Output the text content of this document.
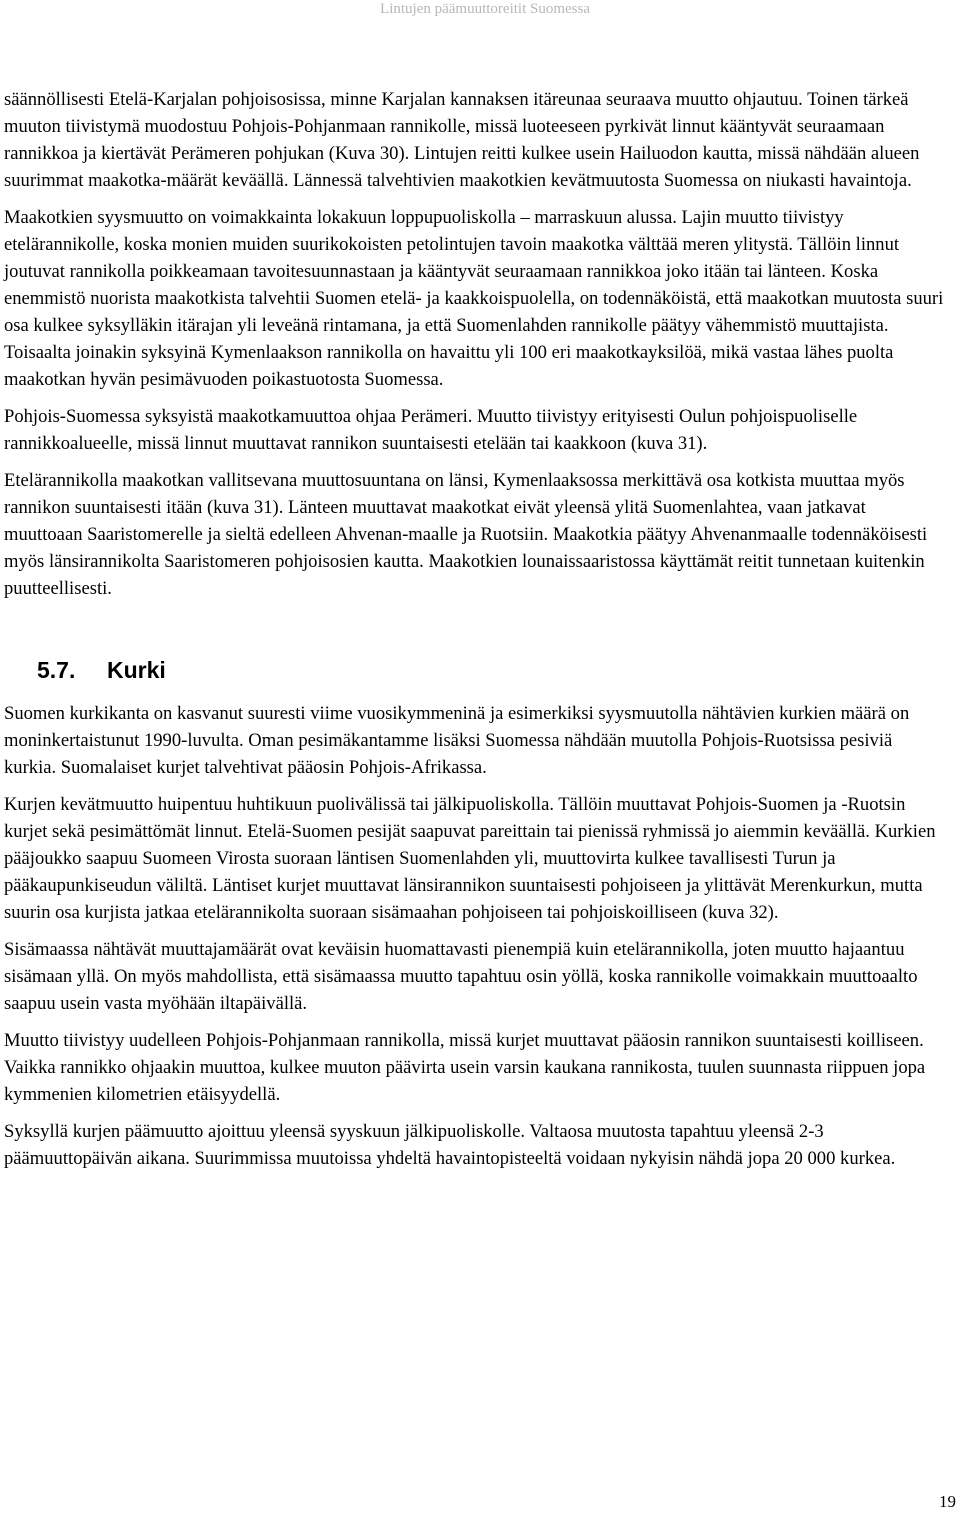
Lintujen päämuuttoreitit Suomessa

säännöllisesti Etelä-Karjalan pohjoisosissa, minne Karjalan kannaksen itäreunaa seuraava muutto ohjautuu. Toinen tärkeä muuton tiivistymä muodostuu Pohjois-Pohjanmaan rannikolle, missä luoteeseen pyrkivät linnut kääntyvät seuraamaan rannikkoa ja kiertävät Perämeren pohjukan (Kuva 30). Lintujen reitti kulkee usein Hailuodon kautta, missä nähdään alueen suurimmat maakotka-määrät keväällä. Lännessä talvehtivien maakotkien kevätmuutosta Suomessa on niukasti havaintoja.

Maakotkien syysmuutto on voimakkainta lokakuun loppupuoliskolla – marraskuun alussa. Lajin muutto tiivistyy etelärannikolle, koska monien muiden suurikokoisten petolintujen tavoin maakotka välttää meren ylitystä. Tällöin linnut joutuvat rannikolla poikkeamaan tavoitesuunnastaan ja kääntyvät seuraamaan rannikkoa joko itään tai länteen. Koska enemmistö nuorista maakotkista talvehtii Suomen etelä- ja kaakkoispuolella, on todennäköistä, että maakotkan muutosta suuri osa kulkee syksylläkin itärajan yli leveänä rintamana, ja että Suomenlahden rannikolle päätyy vähemmistö muuttajista. Toisaalta joinakin syksyinä Kymenlaakson rannikolla on havaittu yli 100 eri maakotkayksilöä, mikä vastaa lähes puolta maakotkan hyvän pesimävuoden poikastuotosta Suomessa.

Pohjois-Suomessa syksyistä maakotkamuuttoa ohjaa Perämeri. Muutto tiivistyy erityisesti Oulun pohjoispuoliselle rannikkoalueelle, missä linnut muuttavat rannikon suuntaisesti etelään tai kaakkoon (kuva 31).

Etelärannikolla maakotkan vallitsevana muuttosuuntana on länsi, Kymenlaaksossa merkittävä osa kotkista muuttaa myös rannikon suuntaisesti itään (kuva 31). Länteen muuttavat maakotkat eivät yleensä ylitä Suomenlahtea, vaan jatkavat muuttoaan Saaristomerelle ja sieltä edelleen Ahvenan-maalle ja Ruotsiin. Maakotkia päätyy Ahvenanmaalle todennäköisesti myös länsirannikolta Saaristomeren pohjoisosien kautta. Maakotkien lounaissaaristossa käyttämät reitit tunnetaan kuitenkin puutteellisesti.

5.7. Kurki

Suomen kurkikanta on kasvanut suuresti viime vuosikymmeninä ja esimerkiksi syysmuutolla nähtävien kurkien määrä on moninkertaistunut 1990-luvulta. Oman pesimäkantamme lisäksi Suomessa nähdään muutolla Pohjois-Ruotsissa pesiviä kurkia. Suomalaiset kurjet talvehtivat pääosin Pohjois-Afrikassa.

Kurjen kevätmuutto huipentuu huhtikuun puolivälissä tai jälkipuoliskolla. Tällöin muuttavat Pohjois-Suomen ja -Ruotsin kurjet sekä pesimättömät linnut. Etelä-Suomen pesijät saapuvat pareittain tai pienissä ryhmissä jo aiemmin keväällä. Kurkien pääjoukko saapuu Suomeen Virosta suoraan läntisen Suomenlahden yli, muuttovirta kulkee tavallisesti Turun ja pääkaupunkiseudun väliltä. Läntiset kurjet muuttavat länsirannikon suuntaisesti pohjoiseen ja ylittävät Merenkurkun, mutta suurin osa kurjista jatkaa etelärannikolta suoraan sisämaahan pohjoiseen tai pohjoiskoilliseen (kuva 32).

Sisämaassa nähtävät muuttajamäärät ovat keväisin huomattavasti pienempiä kuin etelärannikolla, joten muutto hajaantuu sisämaan yllä. On myös mahdollista, että sisämaassa muutto tapahtuu osin yöllä, koska rannikolle voimakkain muuttoaalto saapuu usein vasta myöhään iltapäivällä.

Muutto tiivistyy uudelleen Pohjois-Pohjanmaan rannikolla, missä kurjet muuttavat pääosin rannikon suuntaisesti koilliseen. Vaikka rannikko ohjaakin muuttoa, kulkee muuton päävirta usein varsin kaukana rannikosta, tuulen suunnasta riippuen jopa kymmenien kilometrien etäisyydellä.

Syksyllä kurjen päämuutto ajoittuu yleensä syyskuun jälkipuoliskolle. Valtaosa muutosta tapahtuu yleensä 2-3 päämuuttopäivän aikana. Suurimmissa muutoissa yhdeltä havaintopisteeltä voidaan nykyisin nähdä jopa 20 000 kurkea.

19
